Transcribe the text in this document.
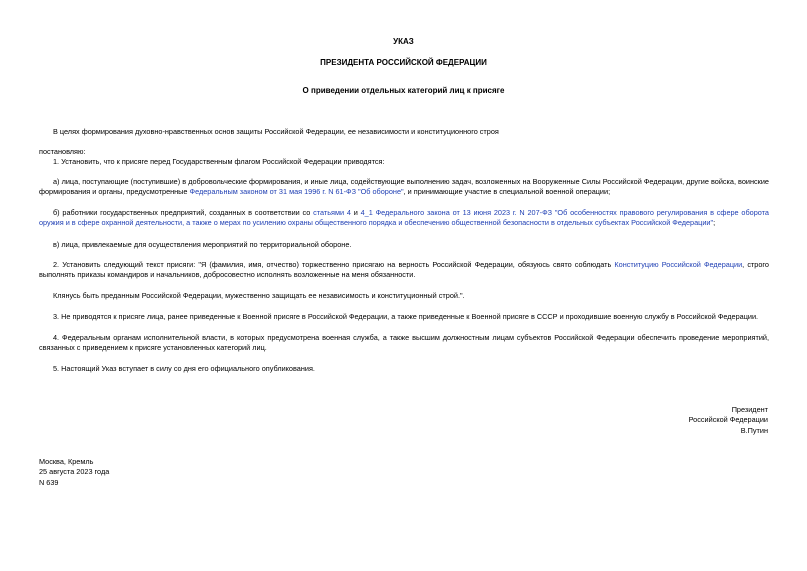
УКАЗ
ПРЕЗИДЕНТА РОССИЙСКОЙ ФЕДЕРАЦИИ
О приведении отдельных категорий лиц к присяге
В целях формирования духовно-нравственных основ защиты Российской Федерации, ее независимости и конституционного строя
постановляю:
1. Установить, что к присяге перед Государственным флагом Российской Федерации приводятся:
а) лица, поступающие (поступившие) в добровольческие формирования, и иные лица, содействующие выполнению задач, возложенных на Вооруженные Силы Российской Федерации, другие войска, воинские формирования и органы, предусмотренные Федеральным законом от 31 мая 1996 г. N 61-ФЗ "Об обороне", и принимающие участие в специальной военной операции;
б) работники государственных предприятий, созданных в соответствии со статьями 4 и 4_1 Федерального закона от 13 июня 2023 г. N 207-ФЗ "Об особенностях правового регулирования в сфере оборота оружия и в сфере охранной деятельности, а также о мерах по усилению охраны общественного порядка и обеспечению общественной безопасности в отдельных субъектах Российской Федерации";
в) лица, привлекаемые для осуществления мероприятий по территориальной обороне.
2. Установить следующий текст присяги: "Я (фамилия, имя, отчество) торжественно присягаю на верность Российской Федерации, обязуюсь свято соблюдать Конституцию Российской Федерации, строго выполнять приказы командиров и начальников, добросовестно исполнять возложенные на меня обязанности.
Клянусь быть преданным Российской Федерации, мужественно защищать ее независимость и конституционный строй.".
3. Не приводятся к присяге лица, ранее приведенные к Военной присяге в Российской Федерации, а также приведенные к Военной присяге в СССР и проходившие военную службу в Российской Федерации.
4. Федеральным органам исполнительной власти, в которых предусмотрена военная служба, а также высшим должностным лицам субъектов Российской Федерации обеспечить проведение мероприятий, связанных с приведением к присяге установленных категорий лиц.
5. Настоящий Указ вступает в силу со дня его официального опубликования.
Президент
Российской Федерации
В.Путин
Москва, Кремль
25 августа 2023 года
N 639
